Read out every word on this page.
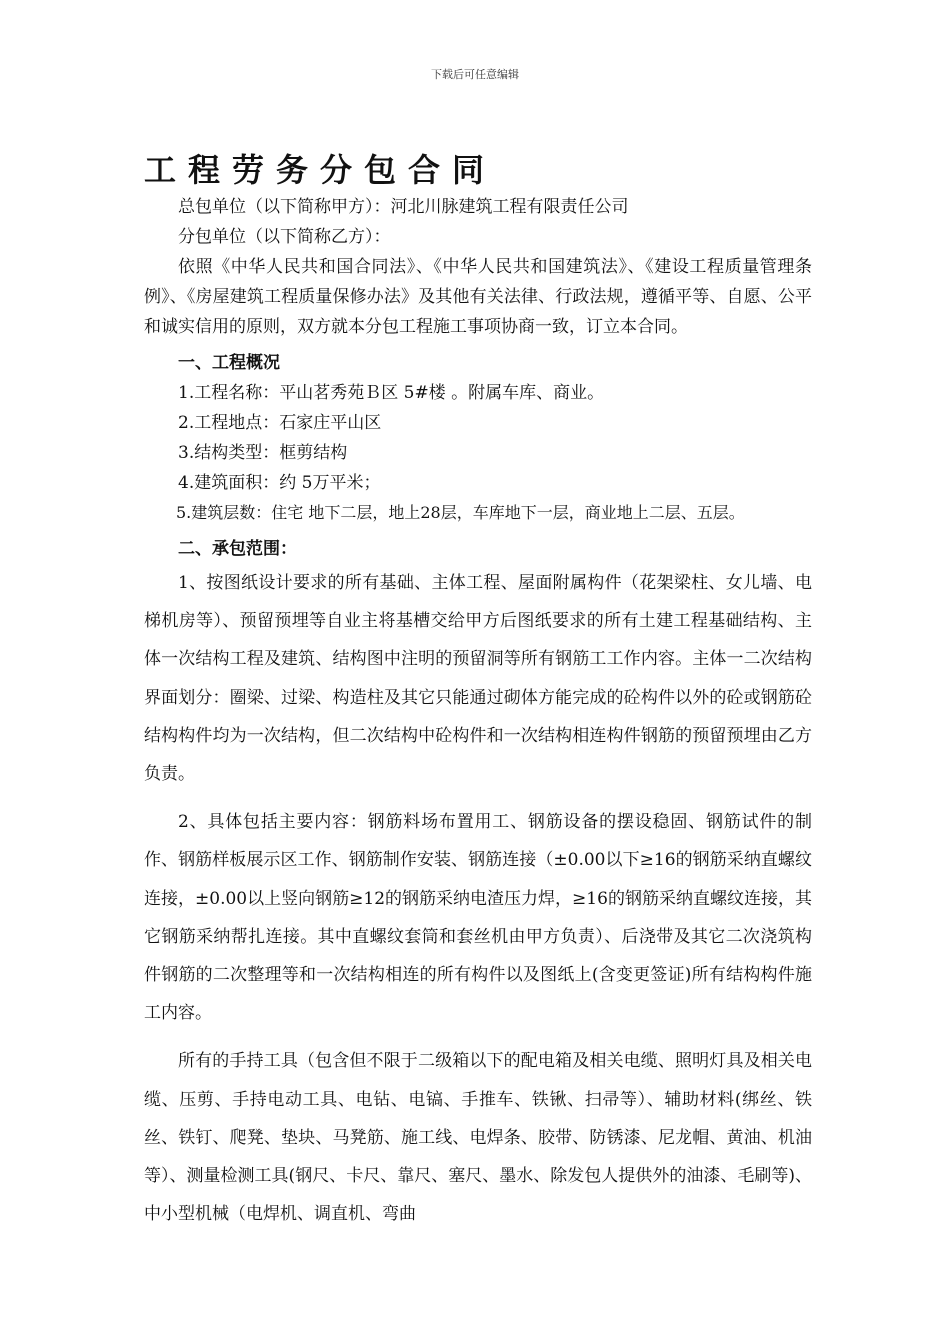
下载后可任意编辑
工程劳务分包合同

总包单位（以下简称甲方）：河北川脉建筑工程有限责任公司

分包单位（以下简称乙方）：

依照《中华人民共和国合同法》、《中华人民共和国建筑法》、《建设工程质量管理条例》、《房屋建筑工程质量保修办法》及其他有关法律、行政法规，遵循平等、自愿、公平和诚实信用的原则，双方就本分包工程施工事项协商一致，订立本合同。

一、工程概况

1.工程名称：平山茗秀苑Ｂ区 5#楼 。附属车库、商业。

2.工程地点：石家庄平山区

3.结构类型：框剪结构

4.建筑面积：约 5万平米；

5.建筑层数：住宅 地下二层，地上28层，车库地下一层，商业地上二层、五层。

二、承包范围：

1、按图纸设计要求的所有基础、主体工程、屋面附属构件（花架梁柱、女儿墙、电梯机房等）、预留预埋等自业主将基槽交给甲方后图纸要求的所有土建工程基础结构、主体一次结构工程及建筑、结构图中注明的预留洞等所有钢筋工工作内容。主体一二次结构界面划分：圈梁、过梁、构造柱及其它只能通过砌体方能完成的砼构件以外的砼或钢筋砼结构构件均为一次结构，但二次结构中砼构件和一次结构相连构件钢筋的预留预埋由乙方负责。

2、具体包括主要内容：钢筋料场布置用工、钢筋设备的摆设稳固、钢筋试件的制作、钢筋样板展示区工作、钢筋制作安装、钢筋连接（±0.00以下≥16的钢筋采纳直螺纹连接，±0.00以上竖向钢筋≥12的钢筋采纳电渣压力焊，≥16的钢筋采纳直螺纹连接，其它钢筋采纳帮扎连接。其中直螺纹套筒和套丝机由甲方负责）、后浇带及其它二次浇筑构件钢筋的二次整理等和一次结构相连的所有构件以及图纸上(含变更签证)所有结构构件施工内容。

所有的手持工具（包含但不限于二级箱以下的配电箱及相关电缆、照明灯具及相关电缆、压剪、手持电动工具、电钻、电镐、手推车、铁锹、扫帚等）、辅助材料(绑丝、铁丝、铁钉、爬凳、垫块、马凳筋、施工线、电焊条、胶带、防锈漆、尼龙帽、黄油、机油等）、测量检测工具(钢尺、卡尺、靠尺、塞尺、墨水、除发包人提供外的油漆、毛刷等)、中小型机械（电焊机、调直机、弯曲
